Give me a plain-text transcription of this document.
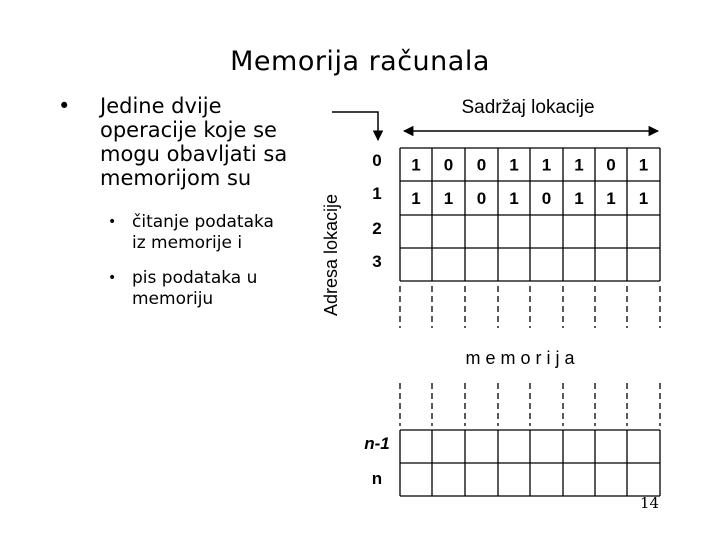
Memorija računala
• Jedine dvije operacije koje se mogu obavljati sa memorijom su
• čitanje podataka iz memorije i
• pis podataka u memoriju
Sadržaj lokacije
Adresa lokacije
0
1
2
3
n-1
n
1 0 0 1 1 1 0 1
1 1 0 1 0 1 1 1
m e m o r i j a
14
